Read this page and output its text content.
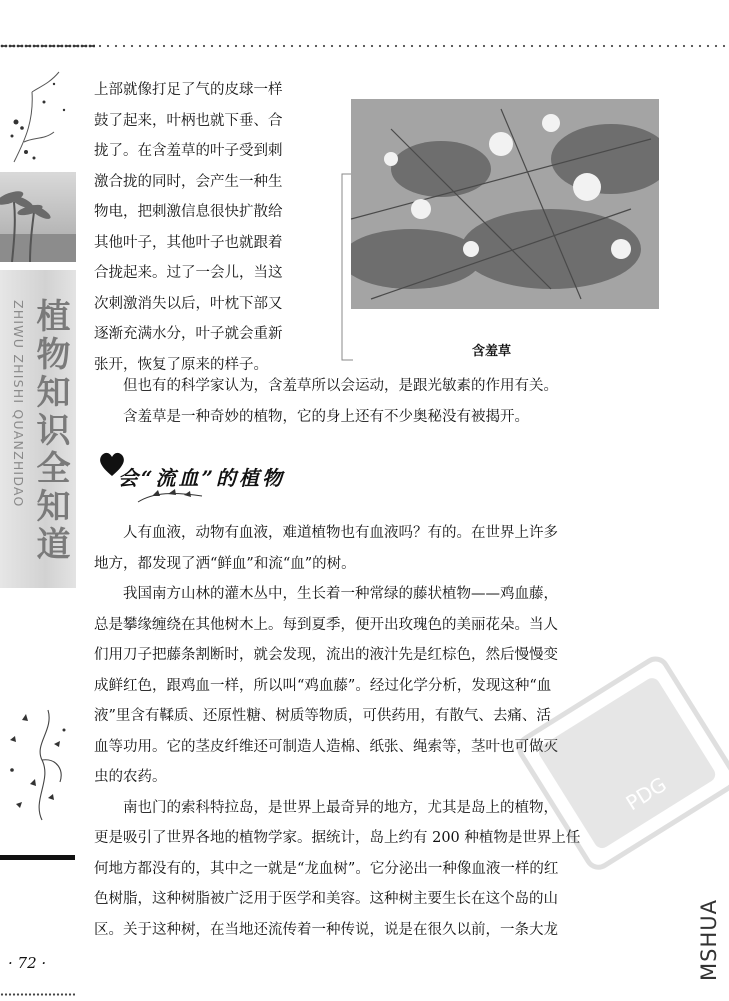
ZHIWU ZHISHI QUANZHIDAO 植物知识全知道
· 72 ·

上部就像打足了气的皮球一样

鼓了起来，叶柄也就下垂、合

拢了。在含羞草的叶子受到刺

激合拢的同时，会产生一种生

物电，把刺激信息很快扩散给

其他叶子，其他叶子也就跟着

合拢起来。过了一会儿，当这

次刺激消失以后，叶枕下部又

逐渐充满水分，叶子就会重新

张开，恢复了原来的样子。

含羞草

　　但也有的科学家认为，含羞草所以会运动，是跟光敏素的作用有关。

　　含羞草是一种奇妙的植物，它的身上还有不少奥秘没有被揭开。

会“流血”的植物

　　人有血液，动物有血液，难道植物也有血液吗？有的。在世界上许多

地方，都发现了洒“鲜血”和流“血”的树。

　　我国南方山林的灌木丛中，生长着一种常绿的藤状植物——鸡血藤，

总是攀缘缠绕在其他树木上。每到夏季，便开出玫瑰色的美丽花朵。当人

们用刀子把藤条割断时，就会发现，流出的液汁先是红棕色，然后慢慢变

成鲜红色，跟鸡血一样，所以叫“鸡血藤”。经过化学分析，发现这种“血

液”里含有鞣质、还原性糖、树质等物质，可供药用，有散气、去痛、活

血等功用。它的茎皮纤维还可制造人造棉、纸张、绳索等，茎叶也可做灭

虫的农药。

　　南也门的索科特拉岛，是世界上最奇异的地方，尤其是岛上的植物，

更是吸引了世界各地的植物学家。据统计，岛上约有 200 种植物是世界上任

何地方都没有的，其中之一就是“龙血树”。它分泌出一种像血液一样的红

色树脂，这种树脂被广泛用于医学和美容。这种树主要生长在这个岛的山

区。关于这种树，在当地还流传着一种传说，说是在很久以前，一条大龙

PDG
MSHUA
